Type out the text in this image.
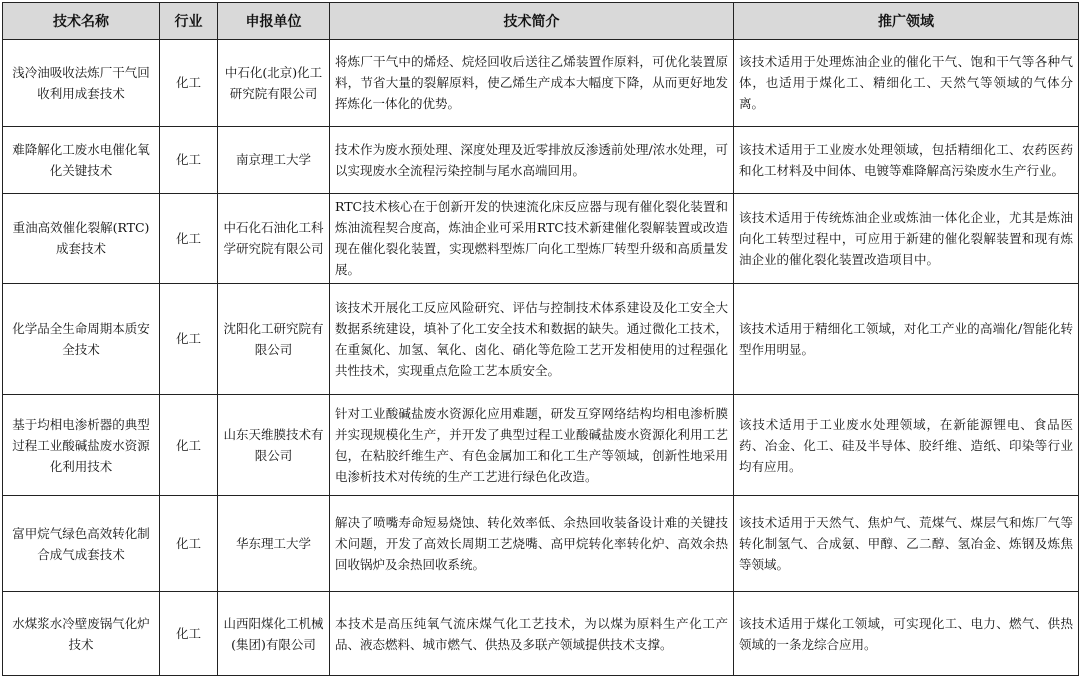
技术名称	行业	申报单位	技术简介	推广领域
浅冷油吸收法炼厂干气回收利用成套技术	化工	中石化(北京)化工研究院有限公司	将炼厂干气中的烯烃、烷烃回收后送往乙烯装置作原料，可优化装置原料，节省大量的裂解原料，使乙烯生产成本大幅度下降，从而更好地发挥炼化一体化的优势。	该技术适用于处理炼油企业的催化干气、饱和干气等各种气体，也适用于煤化工、精细化工、天然气等领域的气体分离。
难降解化工废水电催化氧化关键技术	化工	南京理工大学	技术作为废水预处理、深度处理及近零排放反渗透前处理/浓水处理，可以实现废水全流程污染控制与尾水高端回用。	该技术适用于工业废水处理领域，包括精细化工、农药医药和化工材料及中间体、电镀等难降解高污染废水生产行业。
重油高效催化裂解(RTC)成套技术	化工	中石化石油化工科学研究院有限公司	RTC技术核心在于创新开发的快速流化床反应器与现有催化裂化装置和炼油流程契合度高，炼油企业可采用RTC技术新建催化裂解装置或改造现在催化裂化装置，实现燃料型炼厂向化工型炼厂转型升级和高质量发展。	该技术适用于传统炼油企业或炼油一体化企业，尤其是炼油向化工转型过程中，可应用于新建的催化裂解装置和现有炼油企业的催化裂化装置改造项目中。
化学品全生命周期本质安全技术	化工	沈阳化工研究院有限公司	该技术开展化工反应风险研究、评估与控制技术体系建设及化工安全大数据系统建设，填补了化工安全技术和数据的缺失。通过微化工技术，在重氮化、加氢、氧化、卤化、硝化等危险工艺开发相使用的过程强化共性技术，实现重点危险工艺本质安全。	该技术适用于精细化工领域，对化工产业的高端化/智能化转型作用明显。
基于均相电渗析器的典型过程工业酸碱盐废水资源化利用技术	化工	山东天维膜技术有限公司	针对工业酸碱盐废水资源化应用难题，研发互穿网络结构均相电渗析膜并实现规模化生产，并开发了典型过程工业酸碱盐废水资源化利用工艺包，在粘胶纤维生产、有色金属加工和化工生产等领域，创新性地采用电渗析技术对传统的生产工艺进行绿色化改造。	该技术适用于工业废水处理领域，在新能源锂电、食品医药、冶金、化工、硅及半导体、胶纤维、造纸、印染等行业均有应用。
富甲烷气绿色高效转化制合成气成套技术	化工	华东理工大学	解决了喷嘴寿命短易烧蚀、转化效率低、余热回收装备设计难的关键技术问题，开发了高效长周期工艺烧嘴、高甲烷转化率转化炉、高效余热回收锅炉及余热回收系统。	该技术适用于天然气、焦炉气、荒煤气、煤层气和炼厂气等转化制氢气、合成氨、甲醇、乙二醇、氢冶金、炼钢及炼焦等领域。
水煤浆水冷壁废锅气化炉技术	化工	山西阳煤化工机械(集团)有限公司	本技术是高压纯氧气流床煤气化工艺技术，为以煤为原料生产化工产品、液态燃料、城市燃气、供热及多联产领域提供技术支撑。	该技术适用于煤化工领域，可实现化工、电力、燃气、供热领域的一条龙综合应用。
